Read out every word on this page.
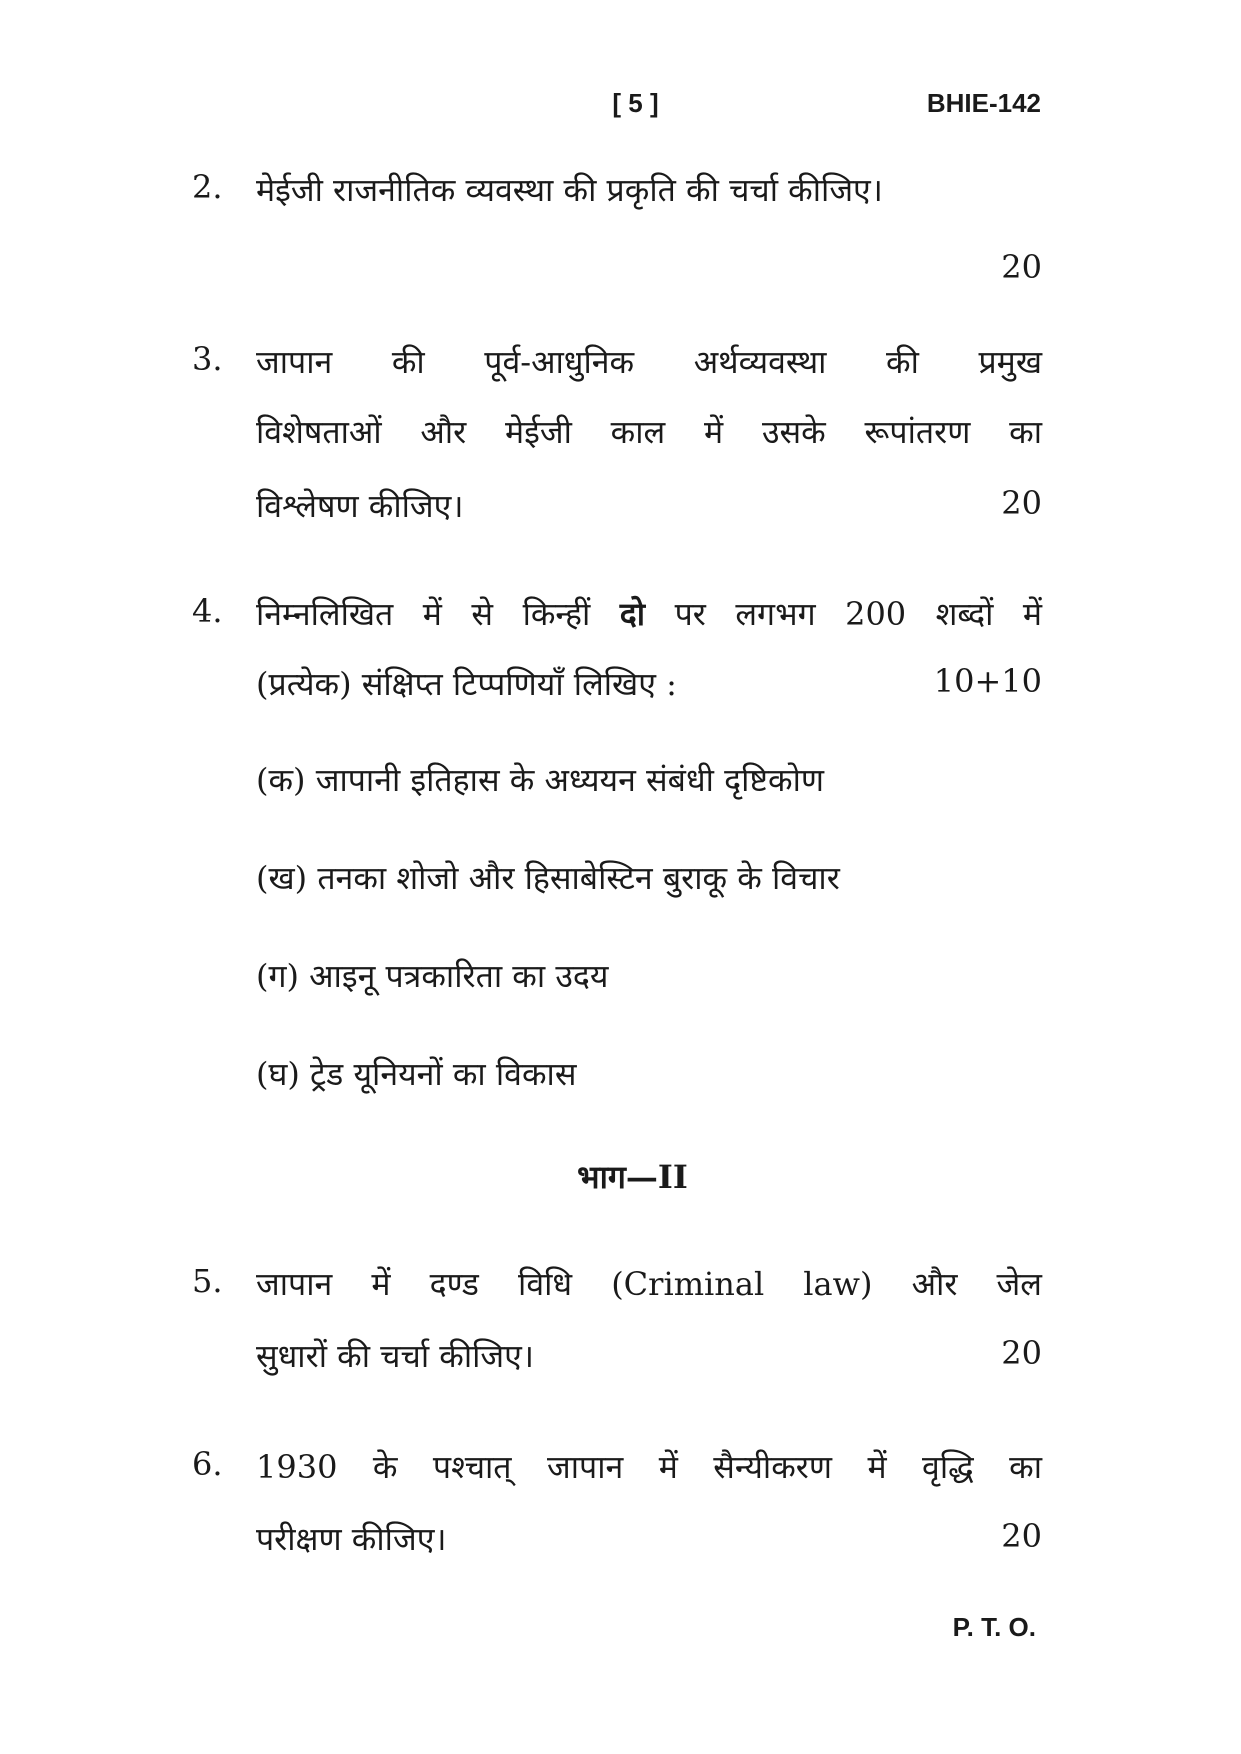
[ 5 ]	BHIE-142
2. मेईजी राजनीतिक व्यवस्था की प्रकृति की चर्चा कीजिए।
20
3. जापान की पूर्व-आधुनिक अर्थव्यवस्था की प्रमुख
विशेषताओं और मेईजी काल में उसके रूपांतरण का
विश्लेषण कीजिए।	20
4. निम्नलिखित में से किन्हीं दो पर लगभग 200 शब्दों में
(प्रत्येक) संक्षिप्त टिप्पणियाँ लिखिए :	10+10
(क) जापानी इतिहास के अध्ययन संबंधी दृष्टिकोण
(ख) तनका शोजो और हिसाबेस्टिन बुराकू के विचार
(ग) आइनू पत्रकारिता का उदय
(घ) ट्रेड यूनियनों का विकास
भाग—II
5. जापान में दण्ड विधि (Criminal law) और जेल
सुधारों की चर्चा कीजिए।	20
6. 1930 के पश्चात् जापान में सैन्यीकरण में वृद्धि का
परीक्षण कीजिए।	20
P. T. O.
